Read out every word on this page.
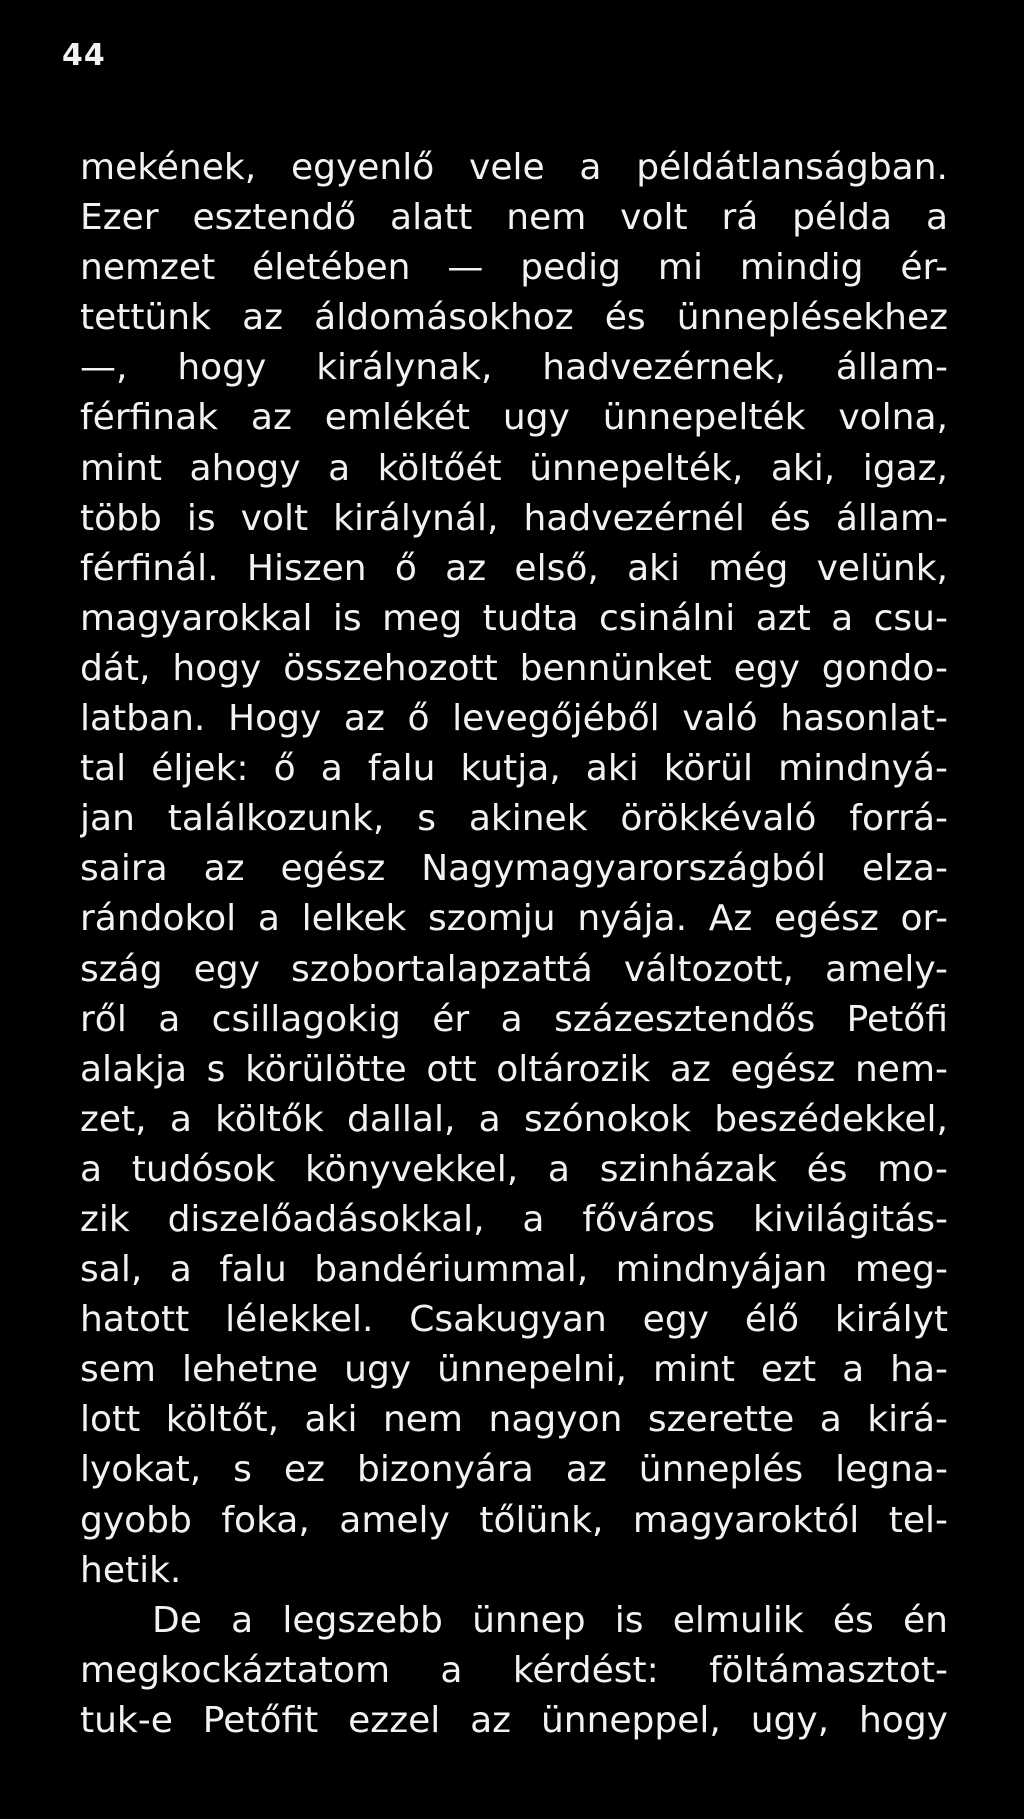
44
mekének, egyenlő vele a példátlanságban.
Ezer esztendő alatt nem volt rá példa a
nemzet életében — pedig mi mindig ér-
tettünk az áldomásokhoz és ünneplésekhez
—, hogy királynak, hadvezérnek, állam-
férfinak az emlékét ugy ünnepelték volna,
mint ahogy a költőét ünnepelték, aki, igaz,
több is volt királynál, hadvezérnél és állam-
férfinál. Hiszen ő az első, aki még velünk,
magyarokkal is meg tudta csinálni azt a csu-
dát, hogy összehozott bennünket egy gondo-
latban. Hogy az ő levegőjéből való hasonlat-
tal éljek: ő a falu kutja, aki körül mindnyá-
jan találkozunk, s akinek örökkévaló forrá-
saira az egész Nagymagyarországból elza-
rándokol a lelkek szomju nyája. Az egész or-
szág egy szobortalapzattá változott, amely-
ről a csillagokig ér a százesztendős Petőfi
alakja s körülötte ott oltározik az egész nem-
zet, a költők dallal, a szónokok beszédekkel,
a tudósok könyvekkel, a szinházak és mo-
zik diszelőadásokkal, a főváros kivilágitás-
sal, a falu bandériummal, mindnyájan meg-
hatott lélekkel. Csakugyan egy élő királyt
sem lehetne ugy ünnepelni, mint ezt a ha-
lott költőt, aki nem nagyon szerette a kirá-
lyokat, s ez bizonyára az ünneplés legna-
gyobb foka, amely tőlünk, magyaroktól tel-
hetik.
De a legszebb ünnep is elmulik és én
megkockáztatom a kérdést: föltámasztot-
tuk-e Petőfit ezzel az ünneppel, ugy, hogy
